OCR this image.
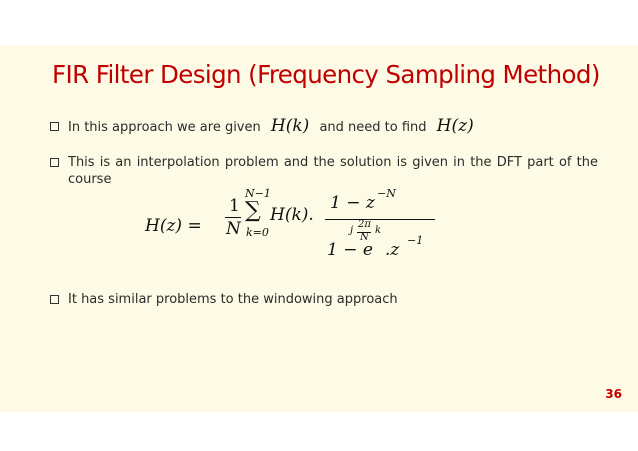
FIR Filter Design (Frequency Sampling Method)
In this approach we are given H(k) and need to find H(z)
This is an interpolation problem and the solution is given in the DFT part of the course
H(z) =
1
N
N−1
∑
k=0
H(k).
1 − z −N
j
2π
N
k
1 − e .z −1
It has similar problems to the windowing approach
36
